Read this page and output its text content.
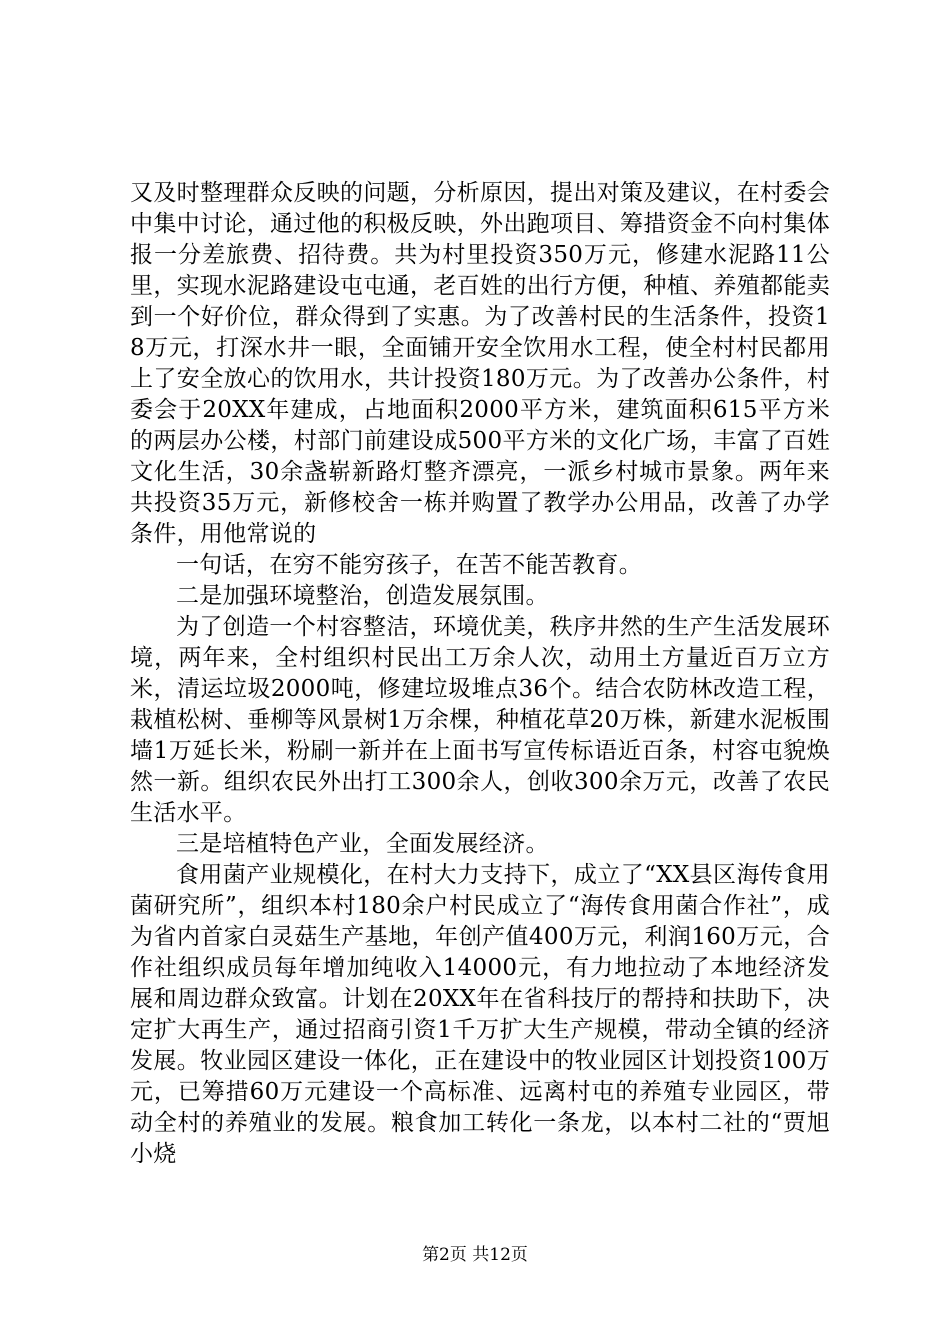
又及时整理群众反映的问题，分析原因，提出对策及建议，在村委会中集中讨论，通过他的积极反映，外出跑项目、筹措资金不向村集体报一分差旅费、招待费。共为村里投资350万元，修建水泥路11公里，实现水泥路建设屯屯通，老百姓的出行方便，种植、养殖都能卖到一个好价位，群众得到了实惠。为了改善村民的生活条件，投资18万元，打深水井一眼，全面铺开安全饮用水工程，使全村村民都用上了安全放心的饮用水，共计投资180万元。为了改善办公条件，村委会于20XX年建成，占地面积2000平方米，建筑面积615平方米的两层办公楼，村部门前建设成500平方米的文化广场，丰富了百姓文化生活，30余盏崭新路灯整齐漂亮，一派乡村城市景象。两年来共投资35万元，新修校舍一栋并购置了教学办公用品，改善了办学条件，用他常说的

一句话，在穷不能穷孩子，在苦不能苦教育。

二是加强环境整治，创造发展氛围。

为了创造一个村容整洁，环境优美，秩序井然的生产生活发展环境，两年来，全村组织村民出工万余人次，动用土方量近百万立方米，清运垃圾2000吨，修建垃圾堆点36个。结合农防林改造工程，栽植松树、垂柳等风景树1万余棵，种植花草20万株，新建水泥板围墙1万延长米，粉刷一新并在上面书写宣传标语近百条，村容屯貌焕然一新。组织农民外出打工300余人，创收300余万元，改善了农民生活水平。

三是培植特色产业，全面发展经济。

食用菌产业规模化，在村大力支持下，成立了“XX县区海传食用菌研究所”，组织本村180余户村民成立了“海传食用菌合作社”，成为省内首家白灵菇生产基地，年创产值400万元，利润160万元，合作社组织成员每年增加纯收入14000元，有力地拉动了本地经济发展和周边群众致富。计划在20XX年在省科技厅的帮持和扶助下，决定扩大再生产，通过招商引资1千万扩大生产规模，带动全镇的经济发展。牧业园区建设一体化，正在建设中的牧业园区计划投资100万元，已筹措60万元建设一个高标准、远离村屯的养殖专业园区，带动全村的养殖业的发展。粮食加工转化一条龙，以本村二社的“贾旭小烧

第2页 共12页
